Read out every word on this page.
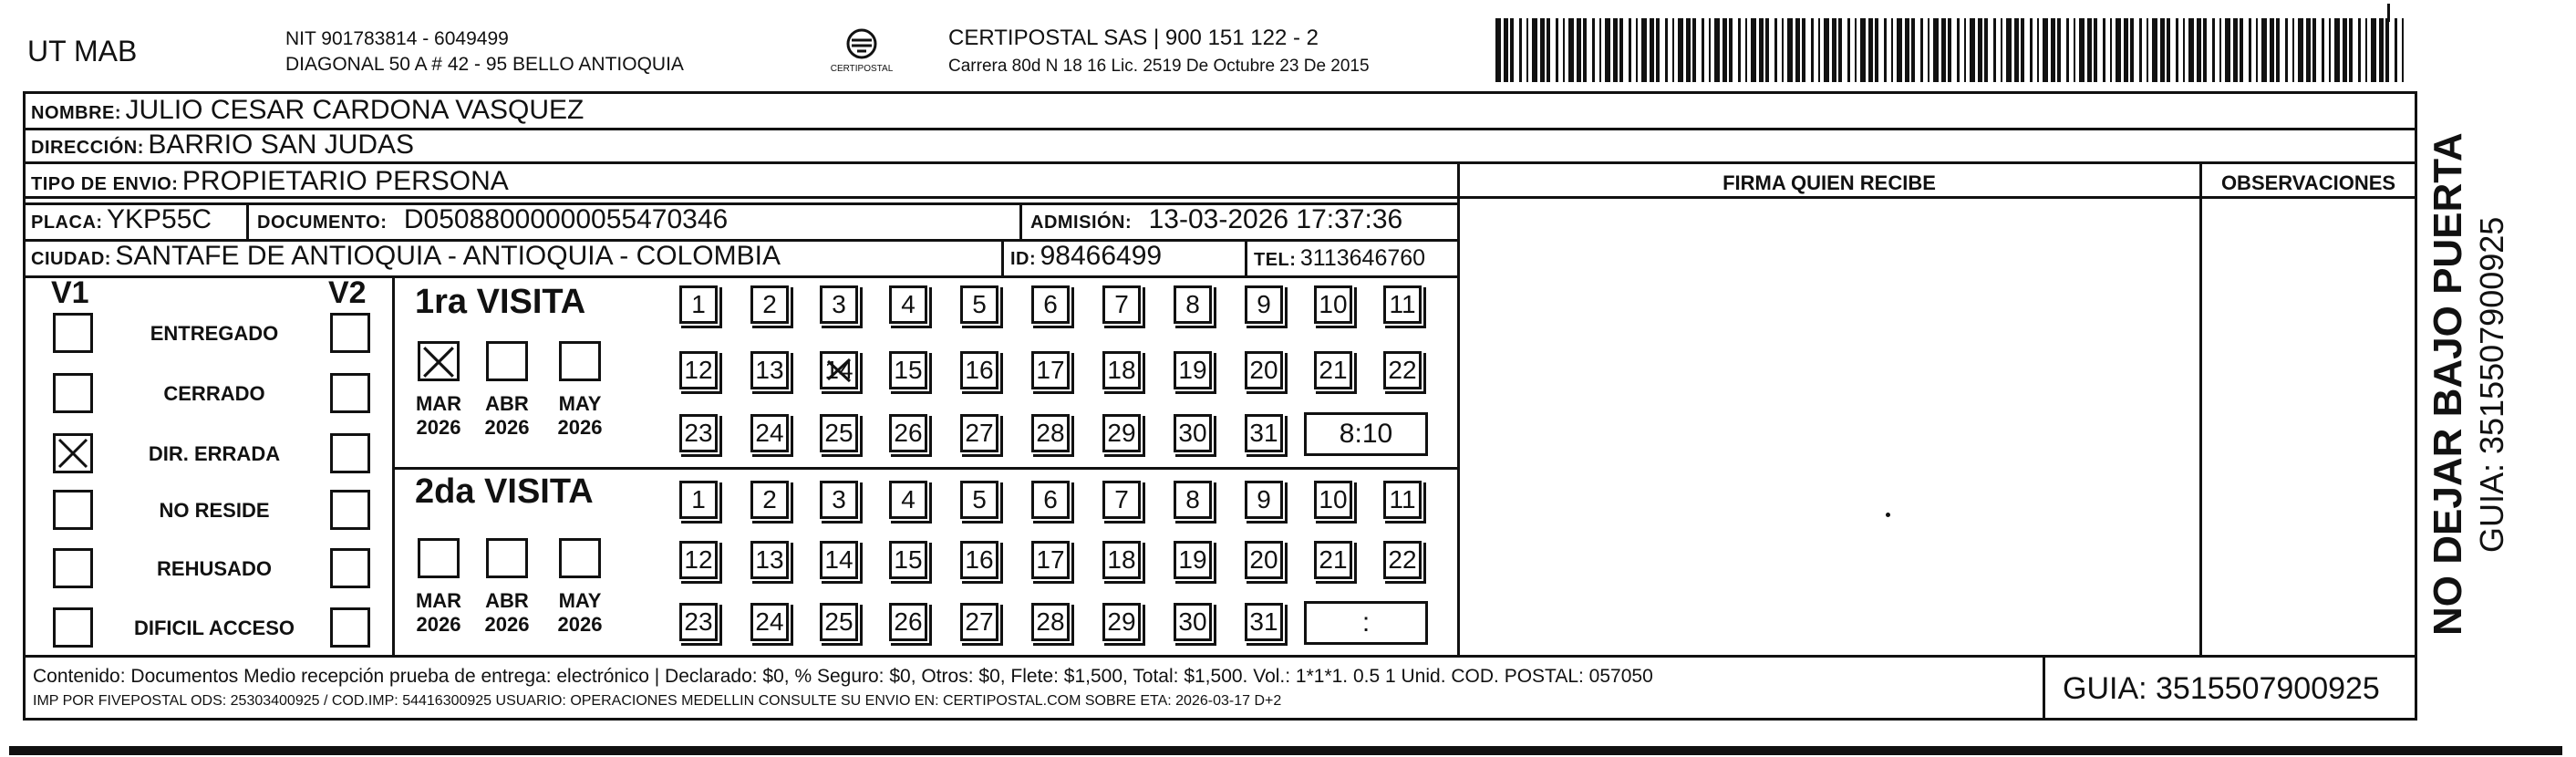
UT MAB	NIT 901783814 - 6049499
DIAGONAL 50 A # 42 - 95 BELLO ANTIOQUIA	CERTIPOSTAL
CERTIPOSTAL SAS | 900 151 122 - 2
Carrera 80d N 18 16 Lic. 2519 De Octubre 23 De 2015
NOMBRE: JULIO CESAR CARDONA VASQUEZ
DIRECCIÓN: BARRIO SAN JUDAS
TIPO DE ENVIO: PROPIETARIO PERSONA
PLACA: YKP55C DOCUMENTO: D05088000000055470346	ADMISIÓN: 13-03-2026 17:37:36
CIUDAD: SANTAFE DE ANTIOQUIA - ANTIOQUIA - COLOMBIA	ID: 98466499	TEL: 3113646760
FIRMA QUIEN RECIBE	OBSERVACIONES
V1	V2
ENTREGADO
CERRADO
DIR. ERRADA
NO RESIDE
REHUSADO
DIFICIL ACCESO
1ra VISITA
2da VISITA
MAR
2026
ABR
2026
MAY
2026
MAR
2026
ABR
2026
MAY
2026
1	2	3	4	5	6	7	8	9	10 11
12 13 14 15 16 17 18 19 20 21 22
23 24 25 26 27 28 29 30 31	8:10
1	2	3	4	5	6	7	8	9	10 11
12 13 14 15 16 17 18 19 20 21 22
23 24 25 26 27 28 29 30 31	:
Contenido: Documentos Medio recepción prueba de entrega: electrónico | Declarado: $0, % Seguro: $0, Otros: $0, Flete: $1,500, Total: $1,500. Vol.: 1*1*1. 0.5 1 Unid. COD. POSTAL: 057050
IMP POR FIVEPOSTAL ODS: 25303400925 / COD.IMP: 54416300925 USUARIO: OPERACIONES MEDELLIN CONSULTE SU ENVIO EN: CERTIPOSTAL.COM SOBRE ETA: 2026-03-17 D+2	GUIA: 3515507900925
NO DEJAR BAJO PUERTA GUIA: 3515507900925
